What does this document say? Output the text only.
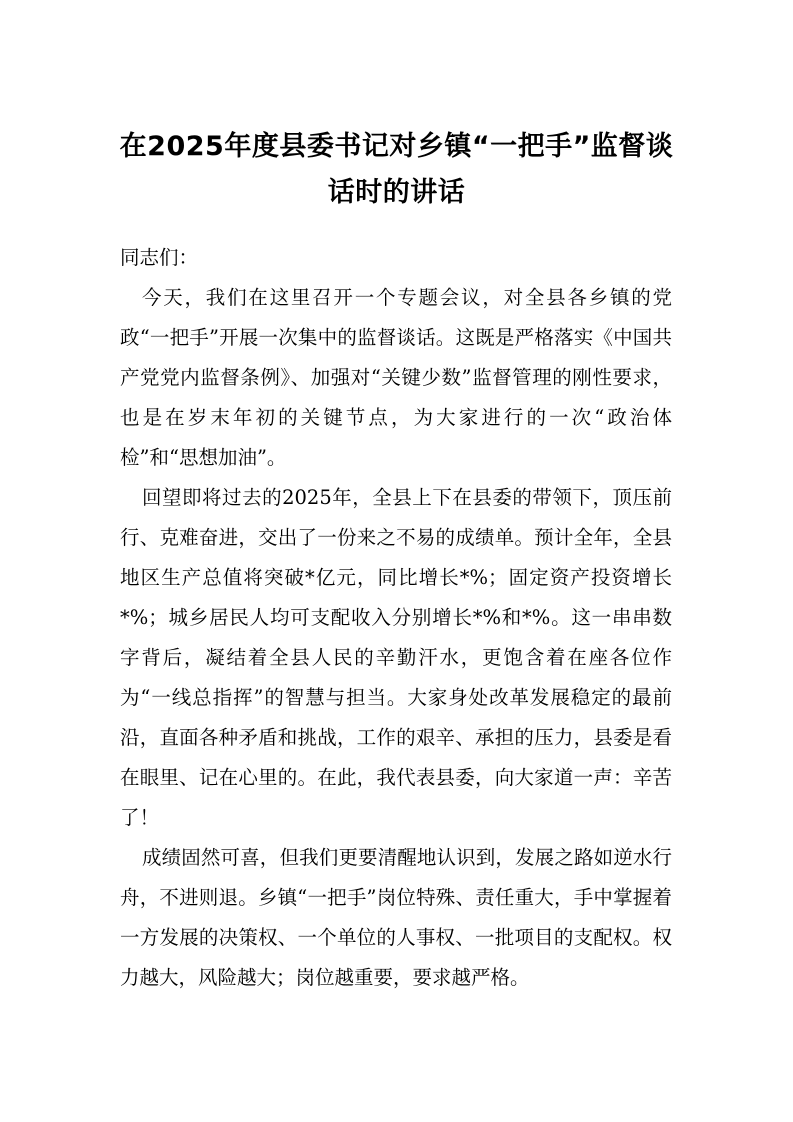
在2025年度县委书记对乡镇“一把手”监督谈话时的讲话

同志们：

今天，我们在这里召开一个专题会议，对全县各乡镇的党政“一把手”开展一次集中的监督谈话。这既是严格落实《中国共产党党内监督条例》、加强对“关键少数”监督管理的刚性要求，也是在岁末年初的关键节点，为大家进行的一次“政治体检”和“思想加油”。

回望即将过去的2025年，全县上下在县委的带领下，顶压前行、克难奋进，交出了一份来之不易的成绩单。预计全年，全县地区生产总值将突破*亿元，同比增长*%；固定资产投资增长*%；城乡居民人均可支配收入分别增长*%和*%。这一串串数字背后，凝结着全县人民的辛勤汗水，更饱含着在座各位作为“一线总指挥”的智慧与担当。大家身处改革发展稳定的最前沿，直面各种矛盾和挑战，工作的艰辛、承担的压力，县委是看在眼里、记在心里的。在此，我代表县委，向大家道一声：辛苦了！

成绩固然可喜，但我们更要清醒地认识到，发展之路如逆水行舟，不进则退。乡镇“一把手”岗位特殊、责任重大，手中掌握着一方发展的决策权、一个单位的人事权、一批项目的支配权。权力越大，风险越大；岗位越重要，要求越严格。
